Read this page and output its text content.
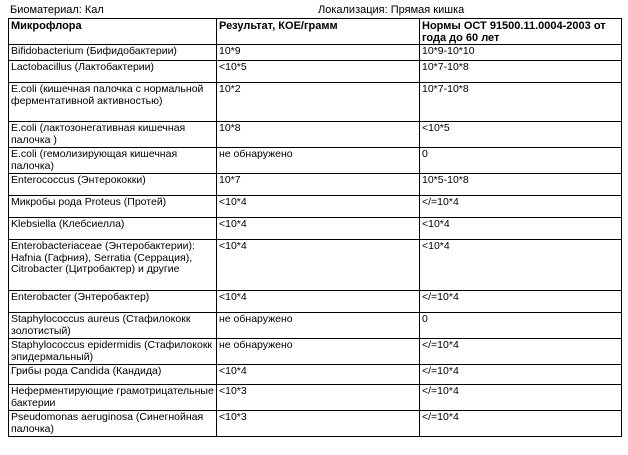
Биоматериал: Кал	Локализация: Прямая кишка
Микрофлора	Результат, КОЕ/грамм	Нормы ОСТ 91500.11.0004-2003 от года до 60 лет
Bifidobacterium (Бифидобактерии)	10*9	10*9-10*10
Lactobacillus (Лактобактерии)	<10*5	10*7-10*8
E.coli (кишечная палочка с нормальной ферментативной активностью)	10*2	10*7-10*8
E.coli (лактозонегативная кишечная палочка )	10*8	<10*5
E.coli (гемолизирующая кишечная палочка)	не обнаружено	0
Enterococcus (Энтерококки)	10*7	10*5-10*8
Микробы рода Proteus (Протей)	<10*4	</=10*4
Klebsiella (Клебсиелла)	<10*4	<10*4
Enterobacteriaceae (Энтеробактерии): Hafnia (Гафния), Serratia (Серрация), Citrobacter (Цитробактер) и другие	<10*4	<10*4
Enterobacter (Энтеробактер)	<10*4	</=10*4
Staphylococcus aureus (Стафилококк золотистый)	не обнаружено	0
Staphylococcus epidermidis (Стафилококк эпидермальный)	не обнаружено	</=10*4
Грибы рода Candida (Кандида)	<10*4	</=10*4
Неферментирующие грамотрицательные бактерии	<10*3	</=10*4
Pseudomonas aeruginosa (Синегнойная палочка)	<10*3	</=10*4
